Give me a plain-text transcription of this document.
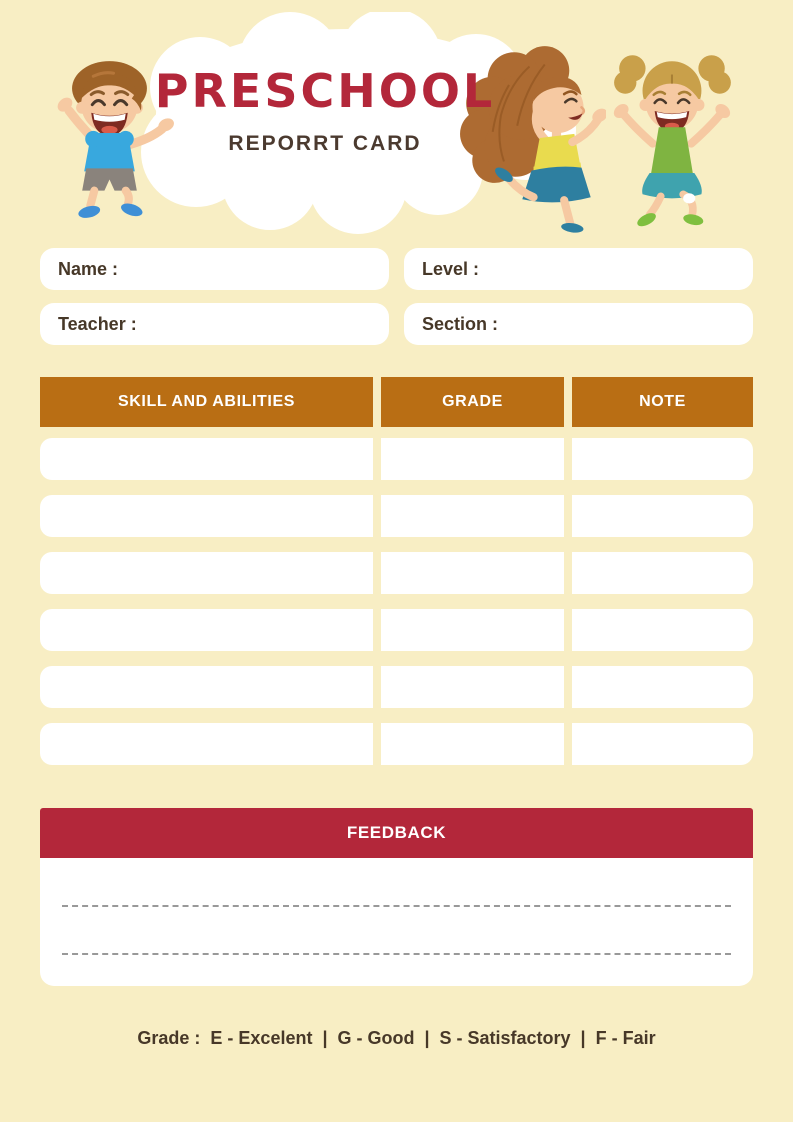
PRESCHOOL
REPORRT CARD
Name :	Level :
Teacher :	Section :
SKILL AND ABILITIES	GRADE	NOTE
FEEDBACK
Grade :  E - Excelent  |  G - Good  |  S - Satisfactory  |  F - Fair
